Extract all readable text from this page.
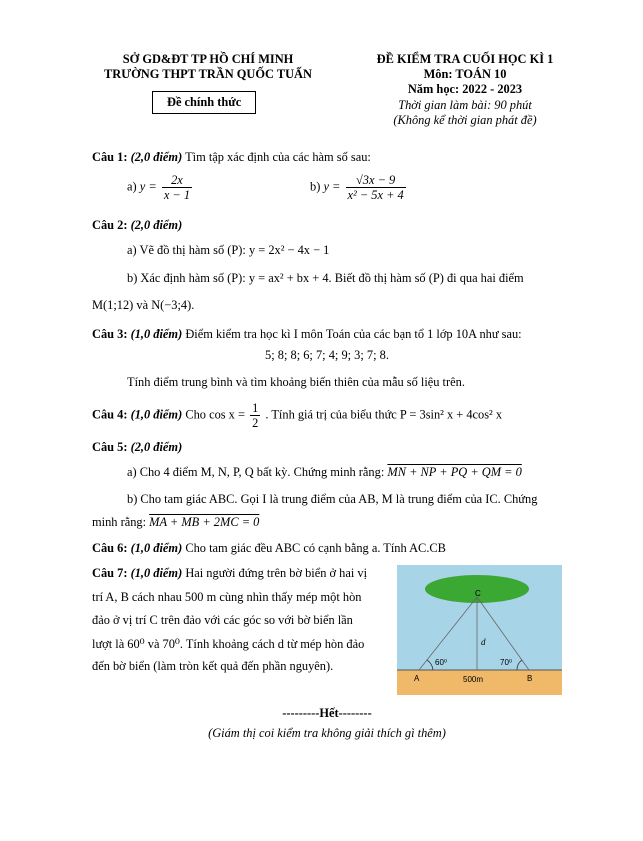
SỞ GD&ĐT TP HỒ CHÍ MINH
TRƯỜNG THPT TRẦN QUỐC TUẤN
Đề chính thức
ĐỀ KIỂM TRA CUỐI HỌC KÌ 1
Môn: TOÁN 10
Năm học: 2022 - 2023
Thời gian làm bài: 90 phút
(Không kể thời gian phát đề)
Câu 1: (2,0 điểm) Tìm tập xác định của các hàm số sau:
a) $y = \frac{2x}{x - 1}$	b) $y = \frac{√3x - 9}{\text{x² − 5x + 4}}$
Câu 2: (2,0 điểm)
a) Vẽ đồ thị hàm số (P): y = 2x² − 4x − 1
b) Xác định hàm số (P): y = ax² + bx + 4. Biết đồ thị hàm số (P) đi qua hai điểm
M(1;12) và N(−3;4).
Câu 3: (1,0 điểm) Điểm kiểm tra học kì I môn Toán của các bạn tổ 1 lớp 10A như sau:
5; 8; 8; 6; 7; 4; 9; 3; 7; 8.
Tính điểm trung bình và tìm khoảng biến thiên của mẫu số liệu trên.
Câu 4: (1,0 điểm) Cho $\cos x = \frac{1}{2}$ . Tính giá trị của biểu thức P = 3sin² x + 4cos² x
Câu 5: (2,0 điểm)
a) Cho 4 điểm M, N, P, Q bất kỳ. Chứng minh rằng: MN + NP + PQ + QM = 0
b) Cho tam giác ABC. Gọi I là trung điểm của AB, M là trung điểm của IC. Chứng
minh rằng: MA + MB + 2MC = 0
Câu 6: (1,0 điểm) Cho tam giác đều ABC có cạnh bằng a. Tính AC.CB
Câu 7: (1,0 điểm) Hai người đứng trên bờ biển ở hai vị
trí A, B cách nhau 500 m cùng nhìn thấy mép một hòn
đảo ở vị trí C trên đảo với các góc so với bờ biển lần
lượt là 60⁰ và 70⁰. Tính khoảng cách d từ mép hòn đảo
đến bờ biển (làm tròn kết quả đến phần nguyên).
C
d
60⁰	70⁰
A	B
500m
---------Hết--------
(Giám thị coi kiểm tra không giải thích gì thêm)
